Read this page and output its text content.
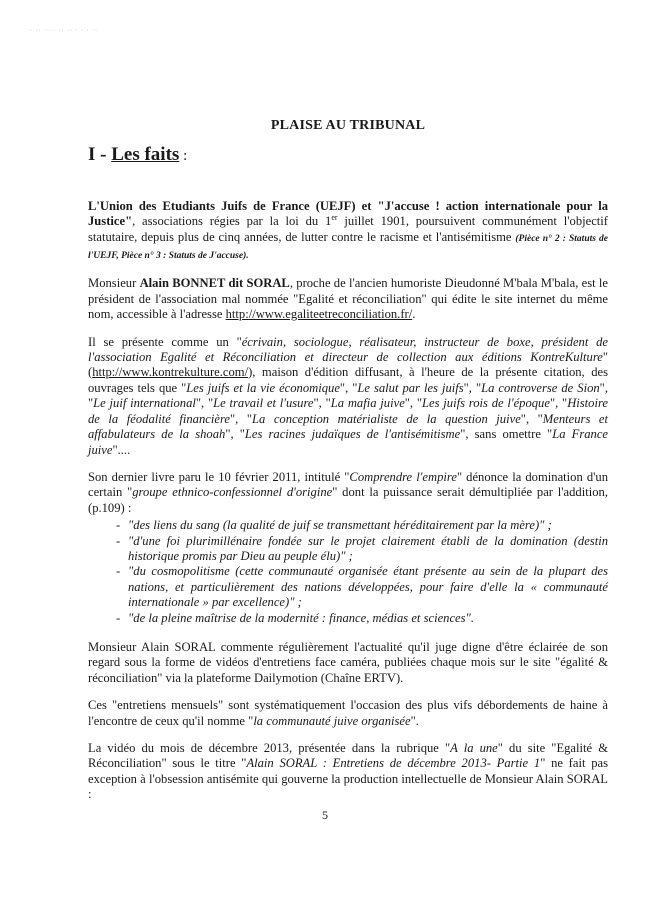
· ·· ···· ·· ·· · · · ··
PLAISE AU TRIBUNAL
I - Les faits :

L'Union des Etudiants Juifs de France (UEJF) et "J'accuse ! action internationale pour la Justice", associations régies par la loi du 1er juillet 1901, poursuivent communément l'objectif statutaire, depuis plus de cinq années, de lutter contre le racisme et l'antisémitisme (Pièce n° 2 : Statuts de l'UEJF, Pièce n° 3 : Statuts de J'accuse).

Monsieur Alain BONNET dit SORAL, proche de l'ancien humoriste Dieudonné M'bala M'bala, est le président de l'association mal nommée "Egalité et réconciliation" qui édite le site internet du même nom, accessible à l'adresse http://www.egaliteetreconciliation.fr/.

Il se présente comme un "écrivain, sociologue, réalisateur, instructeur de boxe, président de l'association Egalité et Réconciliation et directeur de collection aux éditions KontreKulture" (http://www.kontrekulture.com/), maison d'édition diffusant, à l'heure de la présente citation, des ouvrages tels que "Les juifs et la vie économique", "Le salut par les juifs", "La controverse de Sion", "Le juif international", "Le travail et l'usure", "La mafia juive", "Les juifs rois de l'époque", "Histoire de la féodalité financière", "La conception matérialiste de la question juive", "Menteurs et affabulateurs de la shoah", "Les racines judaïques de l'antisémitisme", sans omettre "La France juive"....

Son dernier livre paru le 10 février 2011, intitulé "Comprendre l'empire" dénonce la domination d'un certain "groupe ethnico-confessionnel d'origine" dont la puissance serait démultipliée par l'addition, (p.109) :

- "des liens du sang (la qualité de juif se transmettant héréditairement par la mère)" ;
- "d'une foi plurimillénaire fondée sur le projet clairement établi de la domination (destin historique promis par Dieu au peuple élu)" ;
- "du cosmopolitisme (cette communauté organisée étant présente au sein de la plupart des nations, et particulièrement des nations développées, pour faire d'elle la « communauté internationale » par excellence)" ;
- "de la pleine maîtrise de la modernité : finance, médias et sciences".

Monsieur Alain SORAL commente régulièrement l'actualité qu'il juge digne d'être éclairée de son regard sous la forme de vidéos d'entretiens face caméra, publiées chaque mois sur le site "égalité & réconciliation" via la plateforme Dailymotion (Chaîne ERTV).

Ces "entretiens mensuels" sont systématiquement l'occasion des plus vifs débordements de haine à l'encontre de ceux qu'il nomme "la communauté juive organisée".

La vidéo du mois de décembre 2013, présentée dans la rubrique "A la une" du site "Egalité & Réconciliation" sous le titre "Alain SORAL : Entretiens de décembre 2013- Partie 1" ne fait pas exception à l'obsession antisémite qui gouverne la production intellectuelle de Monsieur Alain SORAL :

5
